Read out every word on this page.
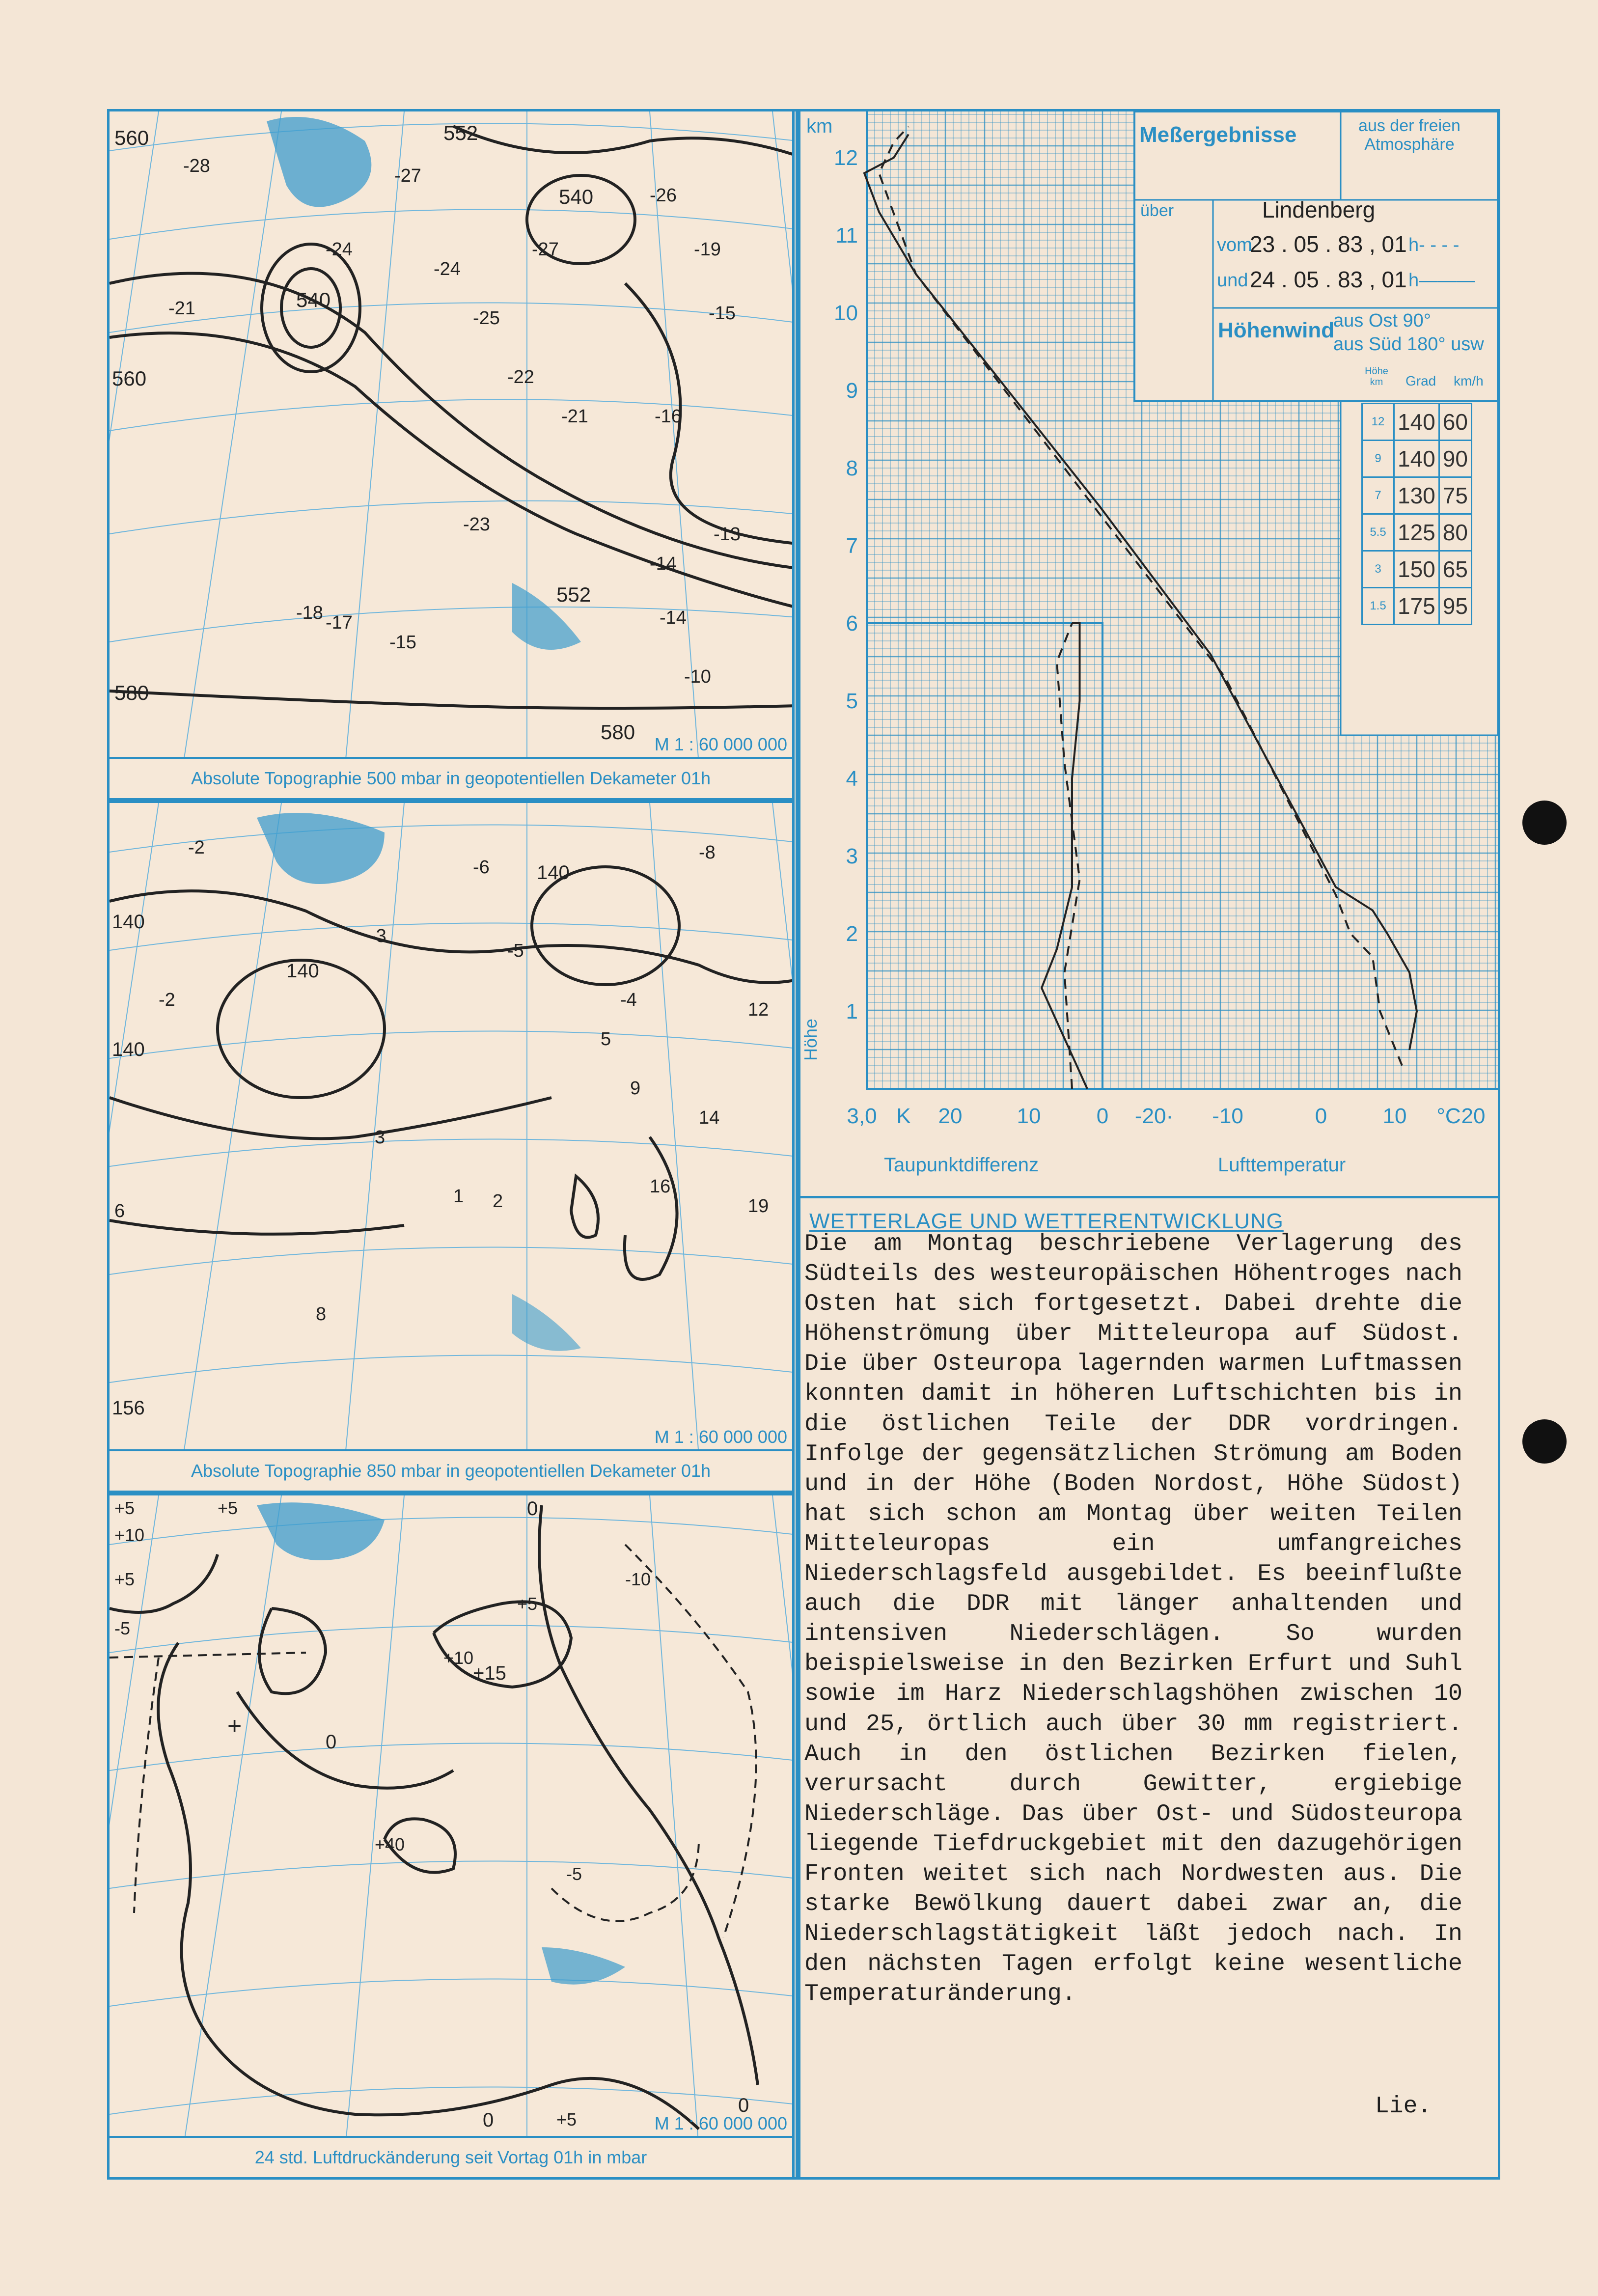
560	552
540
540
560
580
580
552
-28	-27
-24
-24
-21	-25
-22
-21
-18
-16
-15
-13
-17	-14
-10
-27
-26
-19
-15
-23
-14
M 1 : 60 000 000
Absolute Topographie 500 mbar in geopotentiellen Dekameter 01h
140
140
140
140
156
-2
-6
-3
-5
-2
-8
-4
3
5
9
12
14
16
19
8
6
1 2
M 1 : 60 000 000
Absolute Topographie 850 mbar in geopotentiellen Dekameter 01h
+5
+10
+5
-5
+5
+15
+10
0
0
+40
-5
-10
+5
+5
0
0
+
M 1 : 60 000 000
24 std. Luftdruckänderung seit Vortag 01h in mbar
12
11
10
9
8
7
6
5
4
3
2
1
3,0 K 20	10	0 -20· -10	0	10 °C 20
Meßergebnisse	aus der freien Atmosphäre
über	Lindenberg
vom
23 . 05 . 83 , 01 h- - - -
und 24 . 05 . 83 , 01 h———
Höhenwind
aus Ost 90°
aus Süd 180° usw
Höhe km	Grad km/h
12	140	60
9	140	90
7	130	75
5.5	125	80
3	150	65
1.5	175	95
km
Höhe
Taupunktdifferenz	Lufttemperatur
WETTERLAGE UND WETTERENTWICKLUNG
Die am Montag beschriebene Verlagerung des Südteils des westeuropäischen Höhentroges nach Osten hat sich fortgesetzt. Dabei drehte die Höhenströmung über Mitteleuropa auf Südost. Die über Osteuropa lagernden warmen Luftmassen konnten damit in höheren Luftschichten bis in die östlichen Teile der DDR vordringen. Infolge der gegensätzlichen Strömung am Boden und in der Höhe (Boden Nordost, Höhe Südost) hat sich schon am Montag über weiten Teilen Mitteleuropas ein umfangreiches Niederschlagsfeld ausgebildet. Es beeinflußte auch die DDR mit länger anhaltenden und intensiven Niederschlägen. So wurden beispielsweise in den Bezirken Erfurt und Suhl sowie im Harz Niederschlagshöhen zwischen 10 und 25, örtlich auch über 30 mm registriert. Auch in den östlichen Bezirken fielen, verursacht durch Gewitter, ergiebige Niederschläge. Das über Ost- und Südosteuropa liegende Tiefdruckgebiet mit den dazugehörigen Fronten weitet sich nach Nordwesten aus. Die starke Bewölkung dauert dabei zwar an, die Niederschlagstätigkeit läßt jedoch nach. In den nächsten Tagen erfolgt keine wesentliche Temperaturänderung.
Lie.
